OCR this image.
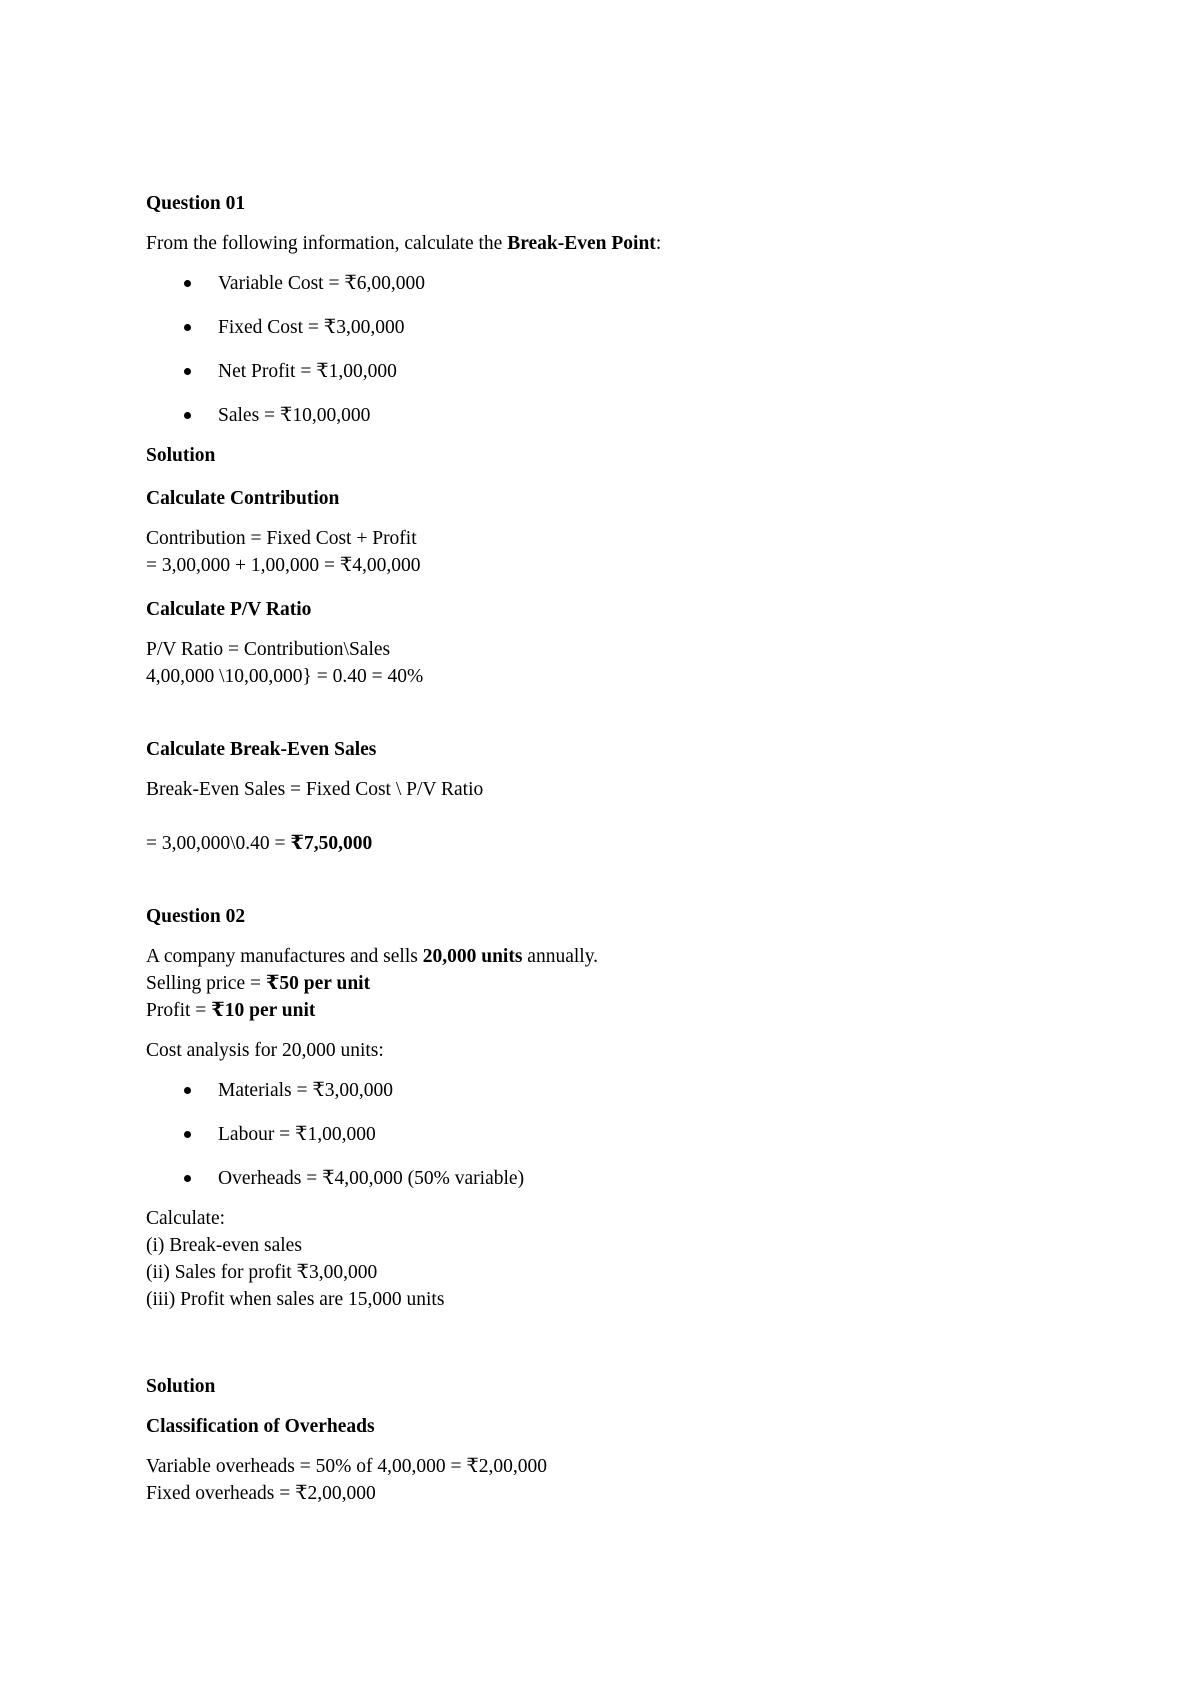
Question 01

From the following information, calculate the Break-Even Point:

Variable Cost = ₹6,00,000
Fixed Cost = ₹3,00,000
Net Profit = ₹1,00,000
Sales = ₹10,00,000

Solution

Calculate Contribution

Contribution = Fixed Cost + Profit

= 3,00,000 + 1,00,000 = ₹4,00,000

Calculate P/V Ratio

P/V Ratio = Contribution\Sales

4,00,000 \10,00,000} = 0.40 = 40%

Calculate Break-Even Sales

Break-Even Sales = Fixed Cost \ P/V Ratio

= 3,00,000\0.40 = ₹7,50,000

Question 02

A company manufactures and sells 20,000 units annually.

Selling price = ₹50 per unit

Profit = ₹10 per unit

Cost analysis for 20,000 units:

Materials = ₹3,00,000
Labour = ₹1,00,000
Overheads = ₹4,00,000 (50% variable)

Calculate:

(i) Break-even sales

(ii) Sales for profit ₹3,00,000

(iii) Profit when sales are 15,000 units

Solution

Classification of Overheads

Variable overheads = 50% of 4,00,000 = ₹2,00,000

Fixed overheads = ₹2,00,000
